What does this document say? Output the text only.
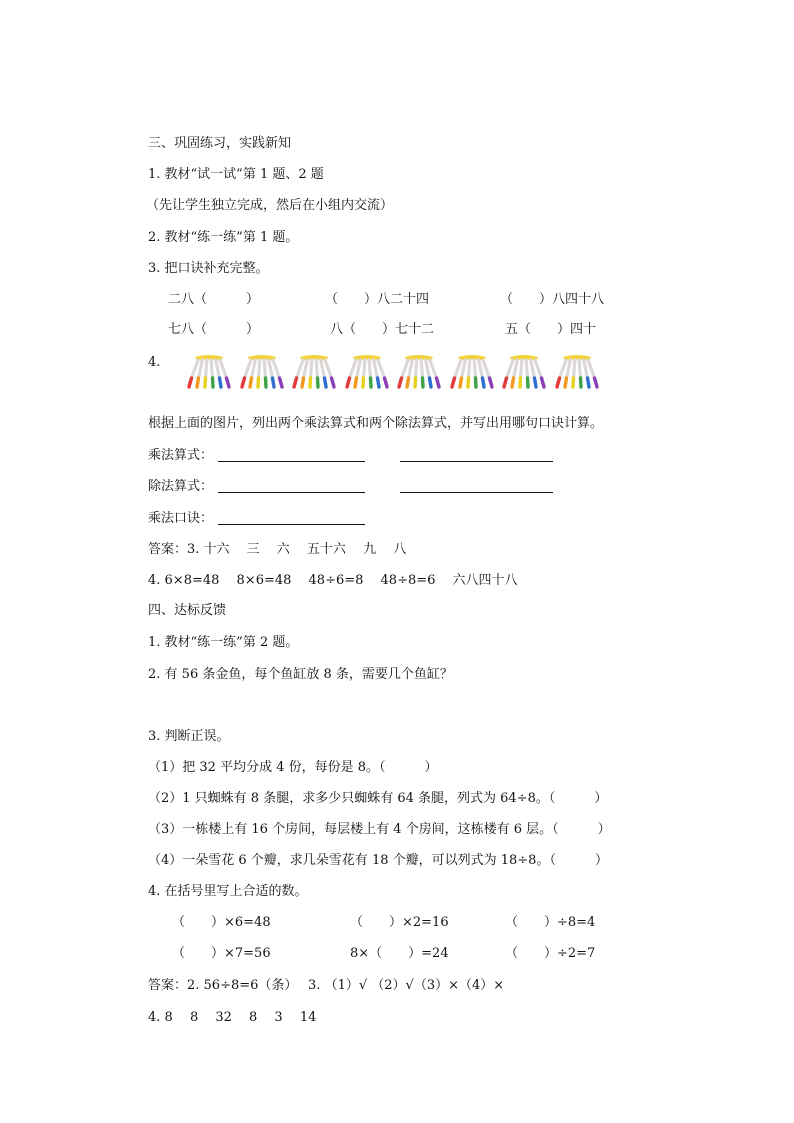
三、巩固练习，实践新知
1. 教材“试一试”第 1 题、2 题
（先让学生独立完成，然后在小组内交流）
2. 教材“练一练”第 1 题。
3. 把口诀补充完整。
二八（　　　）	（　　）八二十四	（　　）八四十八
七八（　　　）	八（　　）七十二	五（　　）四十
4.
根据上面的图片，列出两个乘法算式和两个除法算式，并写出用哪句口诀计算。
乘法算式：
除法算式：
乘法口诀：
答案：3. 十六　 三　 六　 五十六　 九　 八
4. 6×8=48　 8×6=48　 48÷6=8　 48÷8=6　 六八四十八
四、达标反馈
1. 教材“练一练”第 2 题。
2. 有 56 条金鱼，每个鱼缸放 8 条，需要几个鱼缸？
3. 判断正误。
（1）把 32 平均分成 4 份，每份是 8。（　　　）
（2）1 只蜘蛛有 8 条腿，求多少只蜘蛛有 64 条腿，列式为 64÷8。（　　　）
（3）一栋楼上有 16 个房间，每层楼上有 4 个房间，这栋楼有 6 层。（　　　）
（4）一朵雪花 6 个瓣，求几朵雪花有 18 个瓣，可以列式为 18÷8。（　　　）
4. 在括号里写上合适的数。
（　　）×6=48	（　　）×2=16	（　　）÷8=4
（　　）×7=56	8×（　　）=24	（　　）÷2=7
答案：2. 56÷8=6（条）　 3. （1）√ （2）√（3）×（4）×
4. 8　 8　 32　 8　 3　 14
